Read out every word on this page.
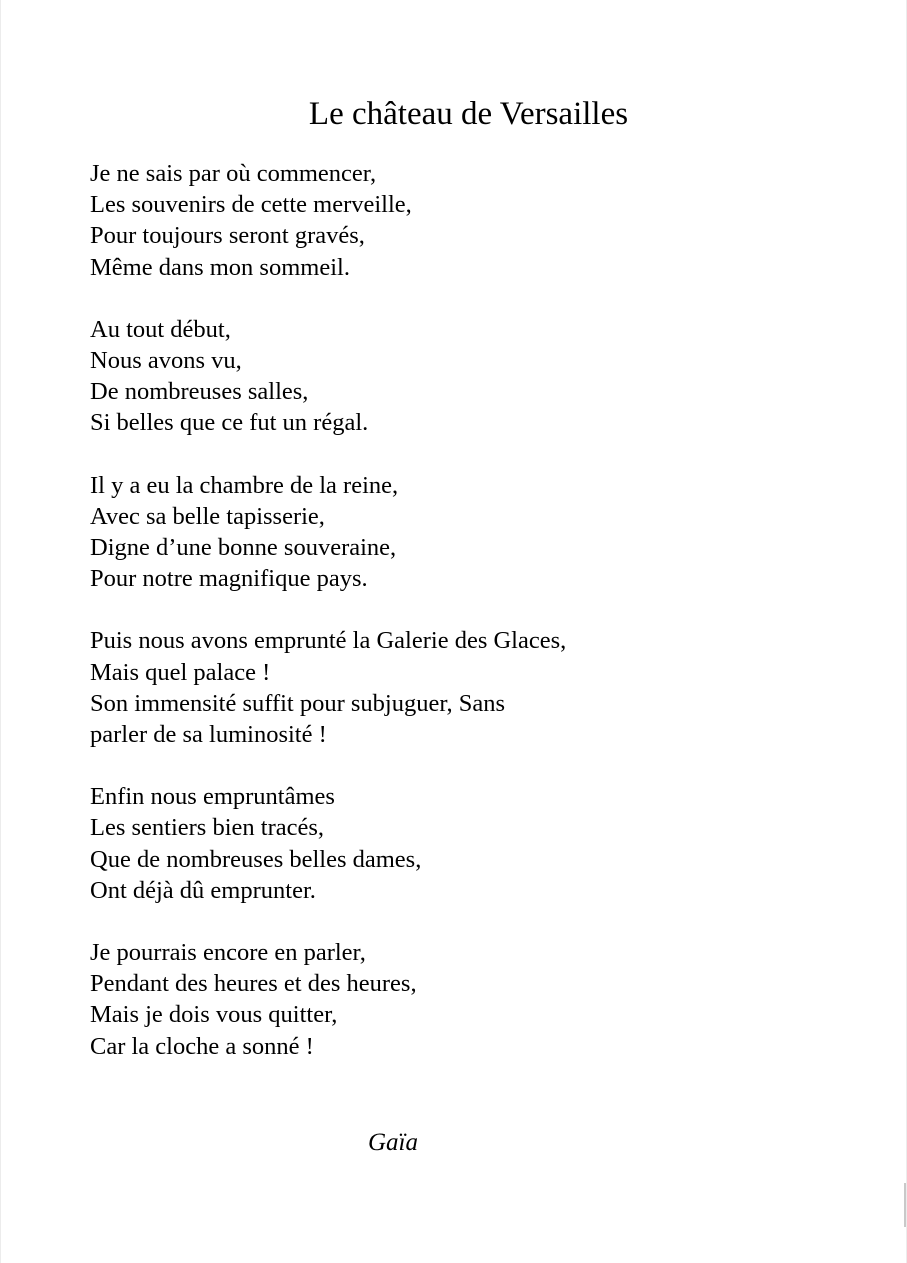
Le château de Versailles
Je ne sais par où commencer,
Les souvenirs de cette merveille,
Pour toujours seront gravés,
Même dans mon sommeil.
Au tout début,
Nous avons vu,
De nombreuses salles,
Si belles que ce fut un régal.
Il y a eu la chambre de la reine,
Avec sa belle tapisserie,
Digne d’une bonne souveraine,
Pour notre magnifique pays.
Puis nous avons emprunté la Galerie des Glaces,
Mais quel palace !
Son immensité suffit pour subjuguer, Sans
parler de sa luminosité !
Enfin nous empruntâmes
Les sentiers bien tracés,
Que de nombreuses belles dames,
Ont déjà dû emprunter.
Je pourrais encore en parler,
Pendant des heures et des heures,
Mais je dois vous quitter,
Car la cloche a sonné !
Gaïa
